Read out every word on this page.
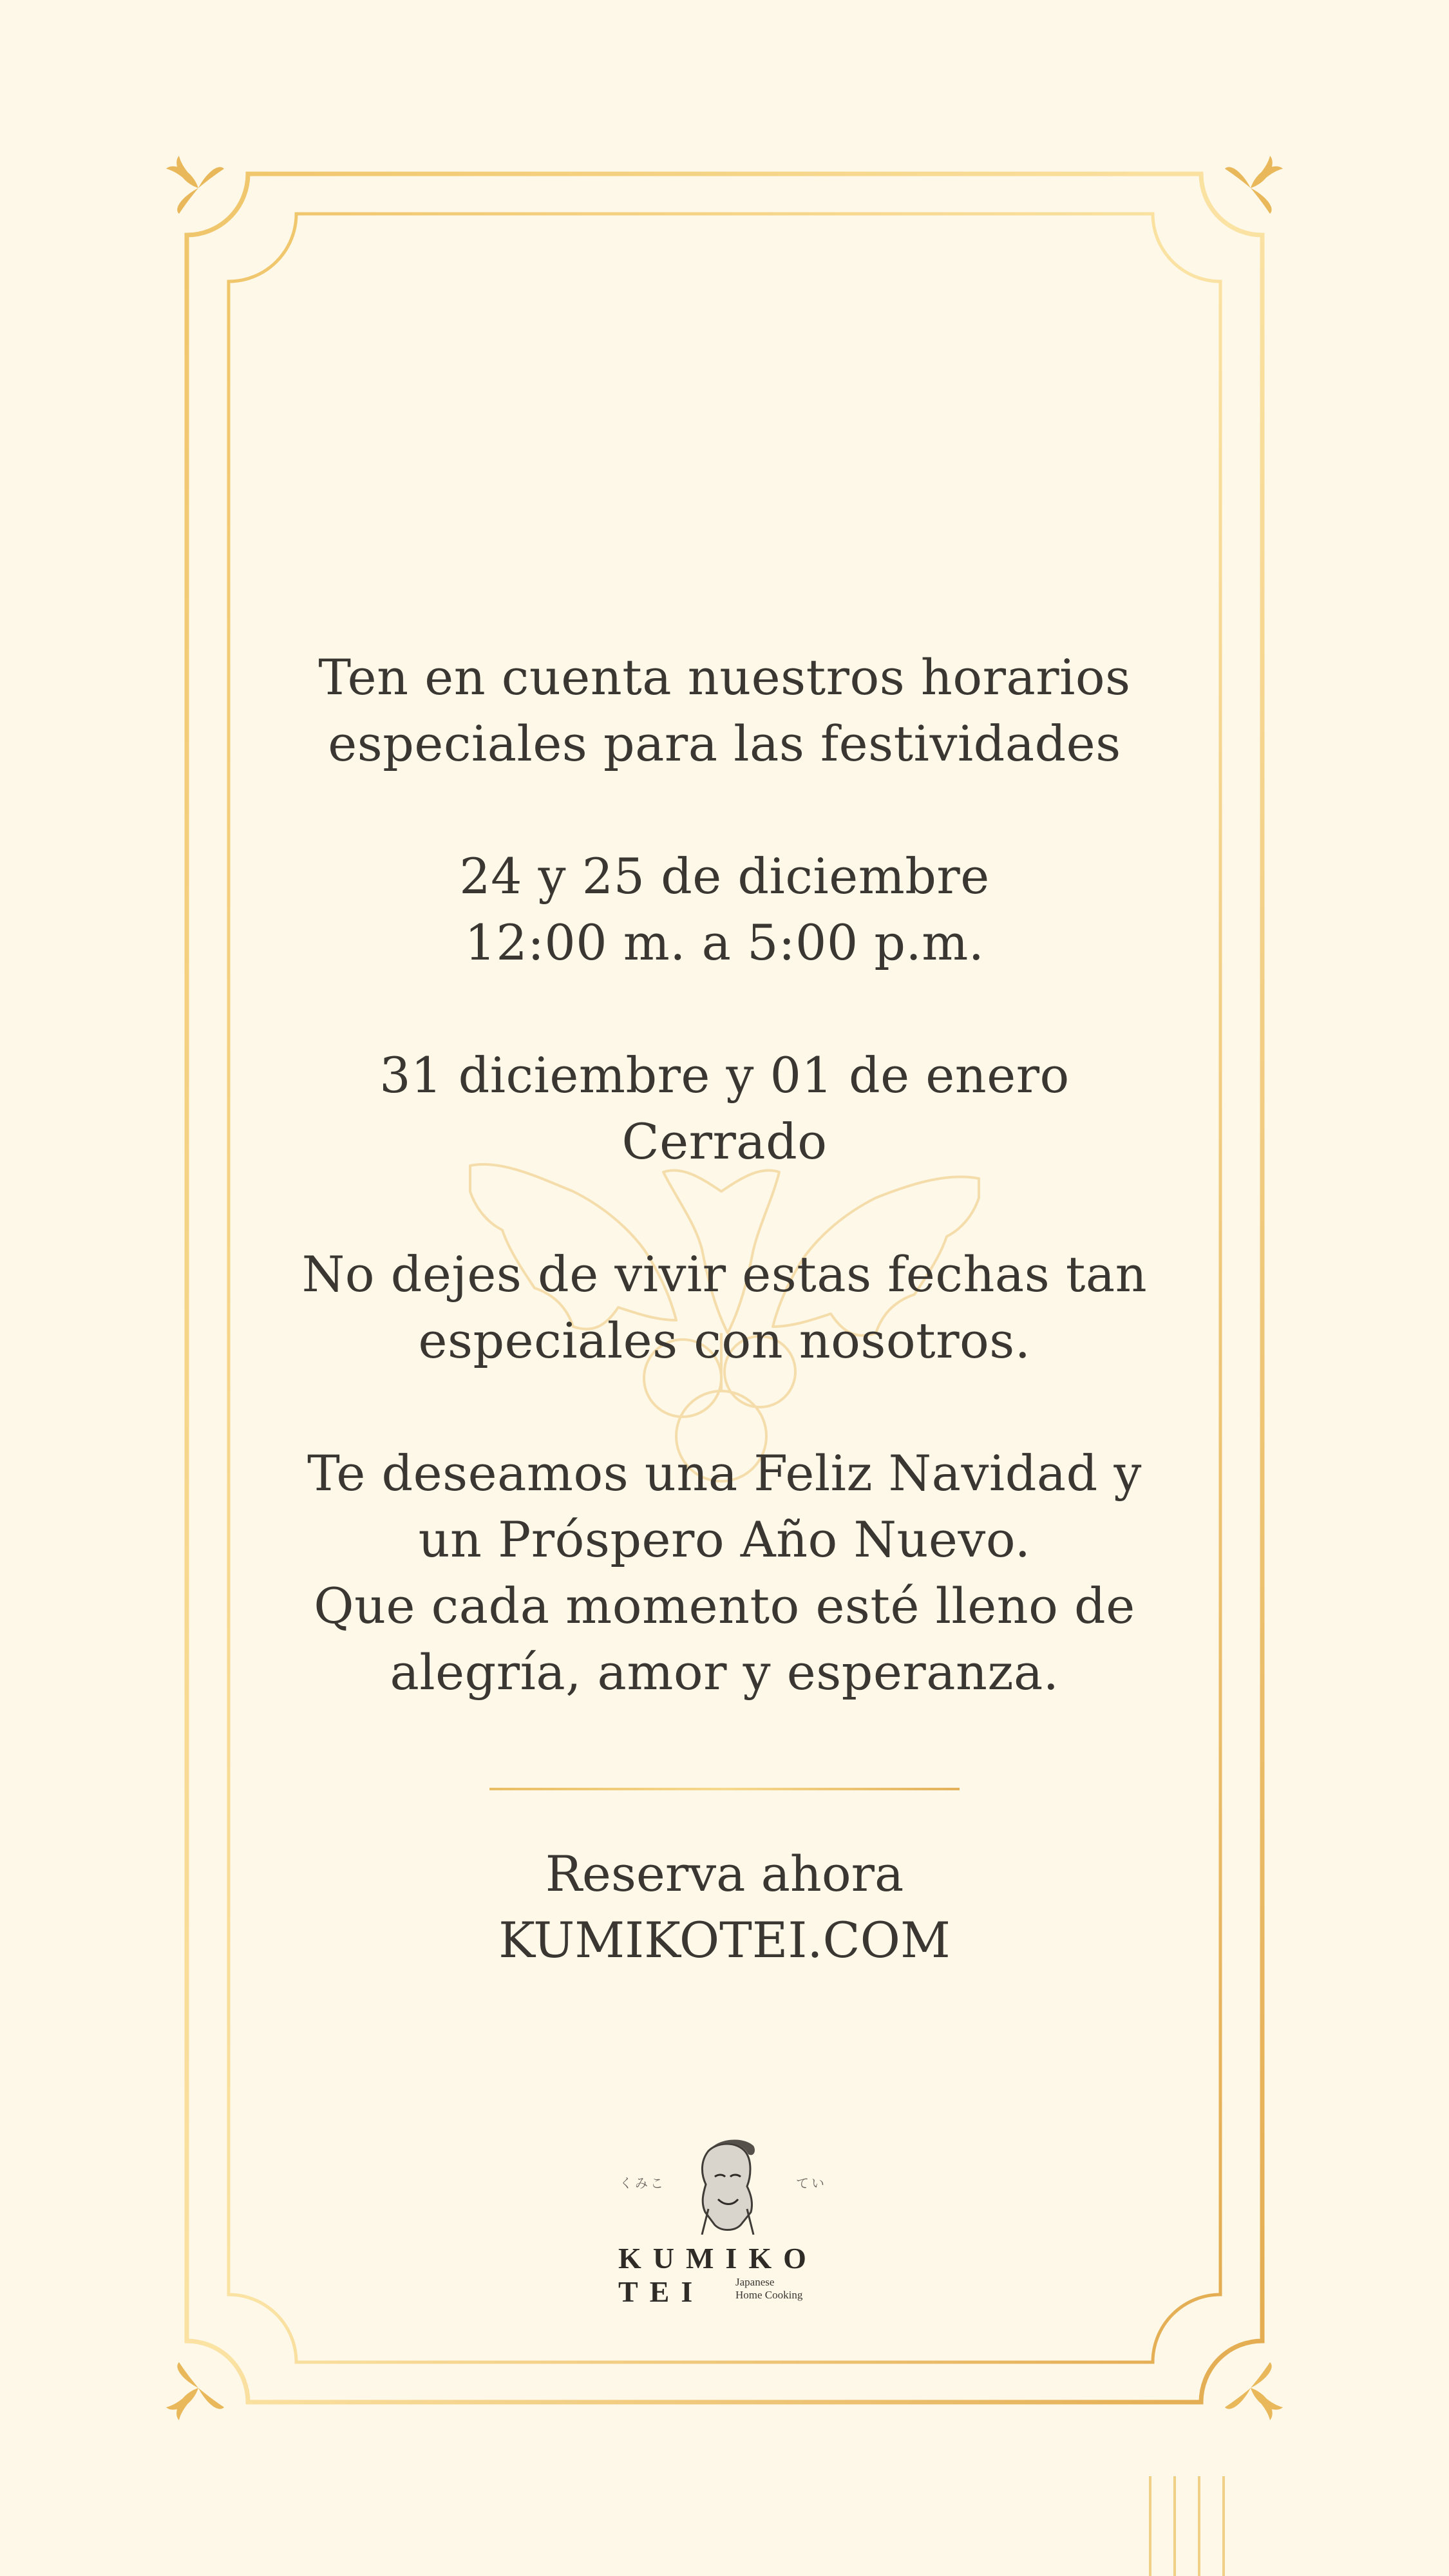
Ten en cuenta nuestros horarios
especiales para las festividades
24 y 25 de diciembre
12:00 m. a 5:00 p.m.
31 diciembre y 01 de enero
Cerrado
No dejes de vivir estas fechas tan
especiales con nosotros.
Te deseamos una Feliz Navidad y
un Próspero Año Nuevo.
Que cada momento esté lleno de
alegría, amor y esperanza.
Reserva ahora
KUMIKOTEI.COM
くみこ	てい
KUMIKO
TEI	Japanese
Home Cooking
